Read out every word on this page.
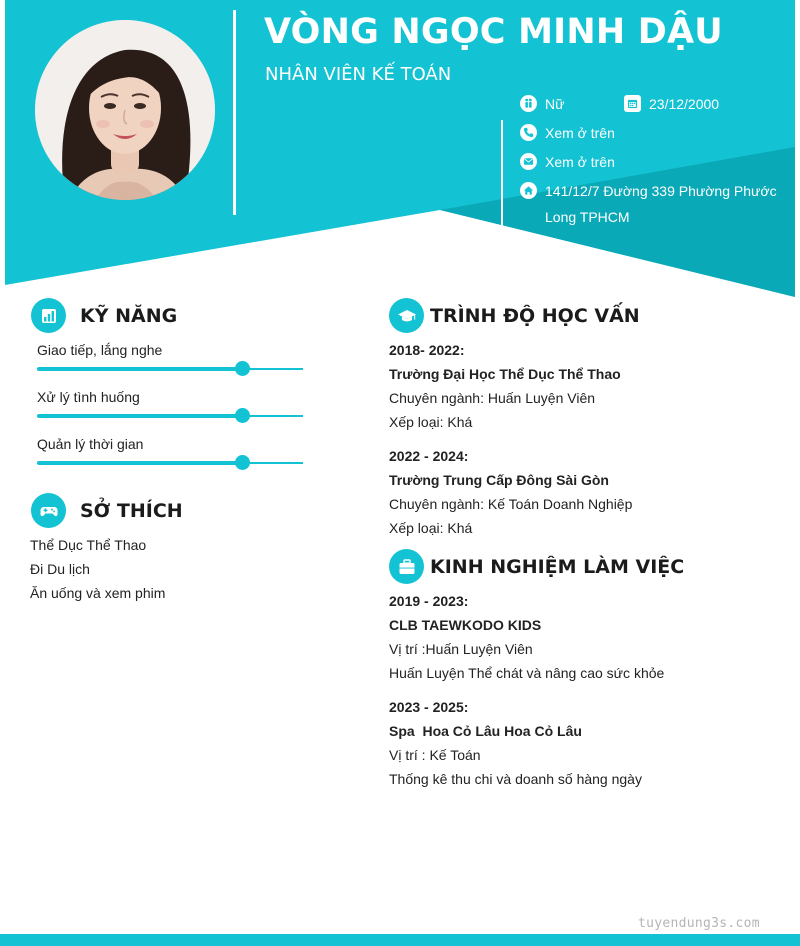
VÒNG NGỌC MINH DẬU
NHÂN VIÊN KẾ TOÁN
Nữ	23/12/2000
Xem ở trên
Xem ở trên
141/12/7 Đường 339 Phường Phước
Long TPHCM
KỸ NĂNG
Giao tiếp, lắng nghe
Xử lý tình huống
Quản lý thời gian
SỞ THÍCH
Thể Dục Thể Thao
Đi Du lịch
Ăn uống và xem phim
TRÌNH ĐỘ HỌC VẤN
2018- 2022:
Trường Đại Học Thể Dục Thể Thao
Chuyên ngành: Huấn Luyện Viên
Xếp loại: Khá
2022 - 2024:
Trường Trung Cấp Đông Sài Gòn
Chuyên ngành: Kế Toán Doanh Nghiệp
Xếp loại: Khá
KINH NGHIỆM LÀM VIỆC
2019 - 2023:
CLB TAEWKODO KIDS
Vị trí :Huấn Luyện Viên
Huấn Luyện Thể chát và nâng cao sức khỏe
2023 - 2025:
Spa  Hoa Cỏ Lâu Hoa Cỏ Lâu
Vị trí : Kế Toán
Thống kê thu chi và doanh số hàng ngày
tuyendung3s.com
